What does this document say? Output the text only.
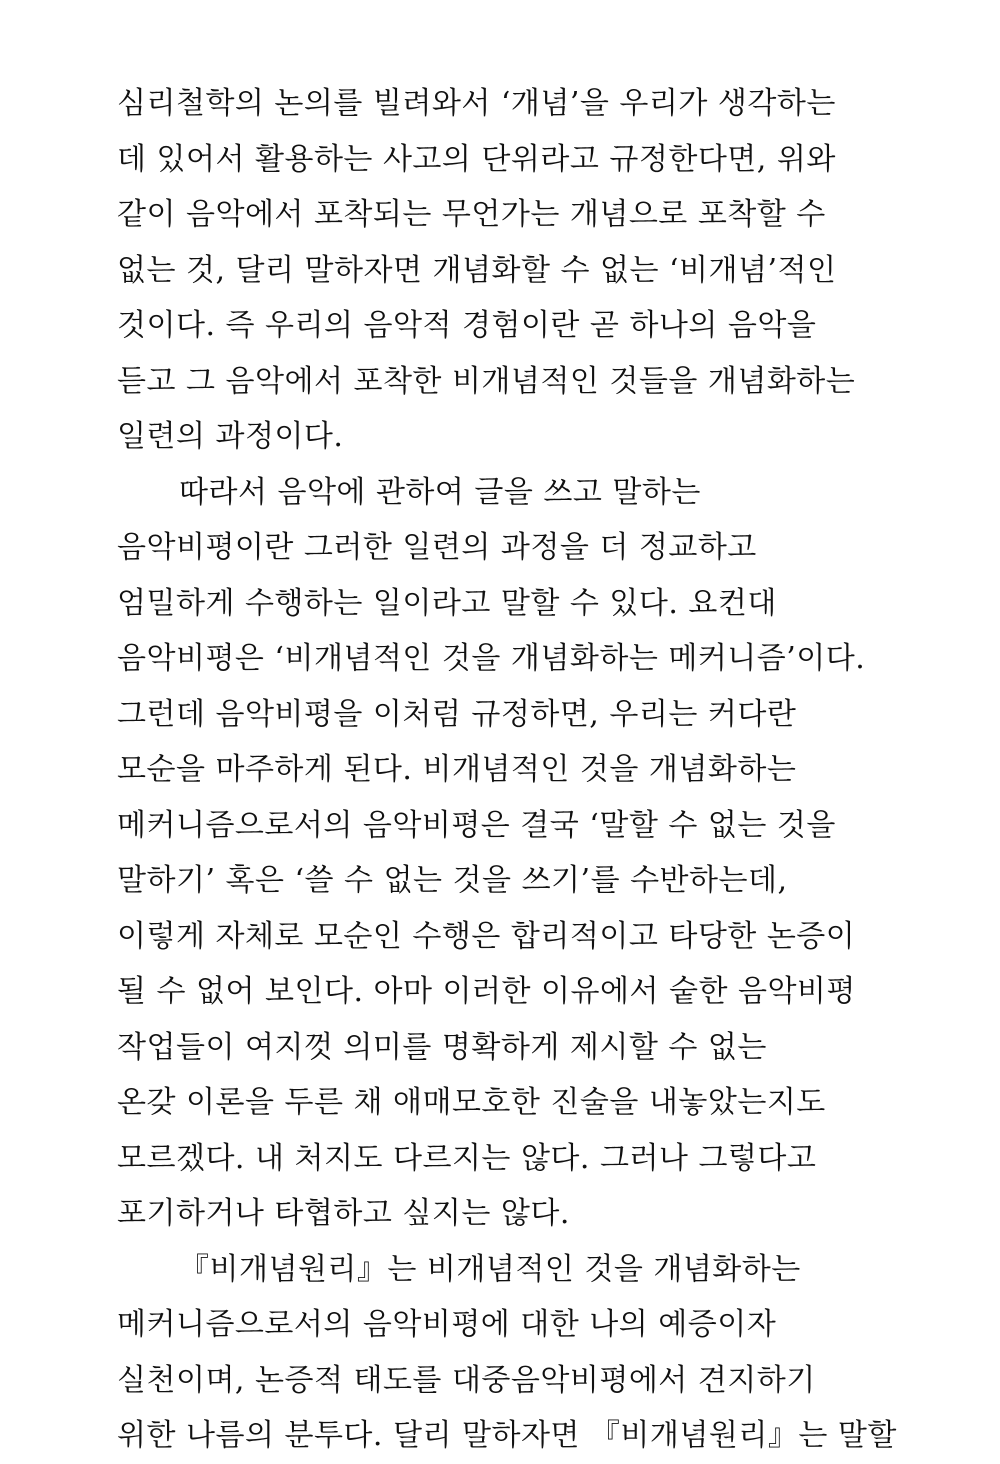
심리철학의 논의를 빌려와서 ‘개념’을 우리가 생각하는
데 있어서 활용하는 사고의 단위라고 규정한다면, 위와
같이 음악에서 포착되는 무언가는 개념으로 포착할 수
없는 것, 달리 말하자면 개념화할 수 없는 ‘비개념’적인
것이다. 즉 우리의 음악적 경험이란 곧 하나의 음악을
듣고 그 음악에서 포착한 비개념적인 것들을 개념화하는
일련의 과정이다.
따라서 음악에 관하여 글을 쓰고 말하는
음악비평이란 그러한 일련의 과정을 더 정교하고
엄밀하게 수행하는 일이라고 말할 수 있다. 요컨대
음악비평은 ‘비개념적인 것을 개념화하는 메커니즘’이다.
그런데 음악비평을 이처럼 규정하면, 우리는 커다란
모순을 마주하게 된다. 비개념적인 것을 개념화하는
메커니즘으로서의 음악비평은 결국 ‘말할 수 없는 것을
말하기’ 혹은 ‘쓸 수 없는 것을 쓰기’를 수반하는데,
이렇게 자체로 모순인 수행은 합리적이고 타당한 논증이
될 수 없어 보인다. 아마 이러한 이유에서 숱한 음악비평
작업들이 여지껏 의미를 명확하게 제시할 수 없는
온갖 이론을 두른 채 애매모호한 진술을 내놓았는지도
모르겠다. 내 처지도 다르지는 않다. 그러나 그렇다고
포기하거나 타협하고 싶지는 않다.
『비개념원리』는 비개념적인 것을 개념화하는
메커니즘으로서의 음악비평에 대한 나의 예증이자
실천이며, 논증적 태도를 대중음악비평에서 견지하기
위한 나름의 분투다. 달리 말하자면 『비개념원리』는 말할
